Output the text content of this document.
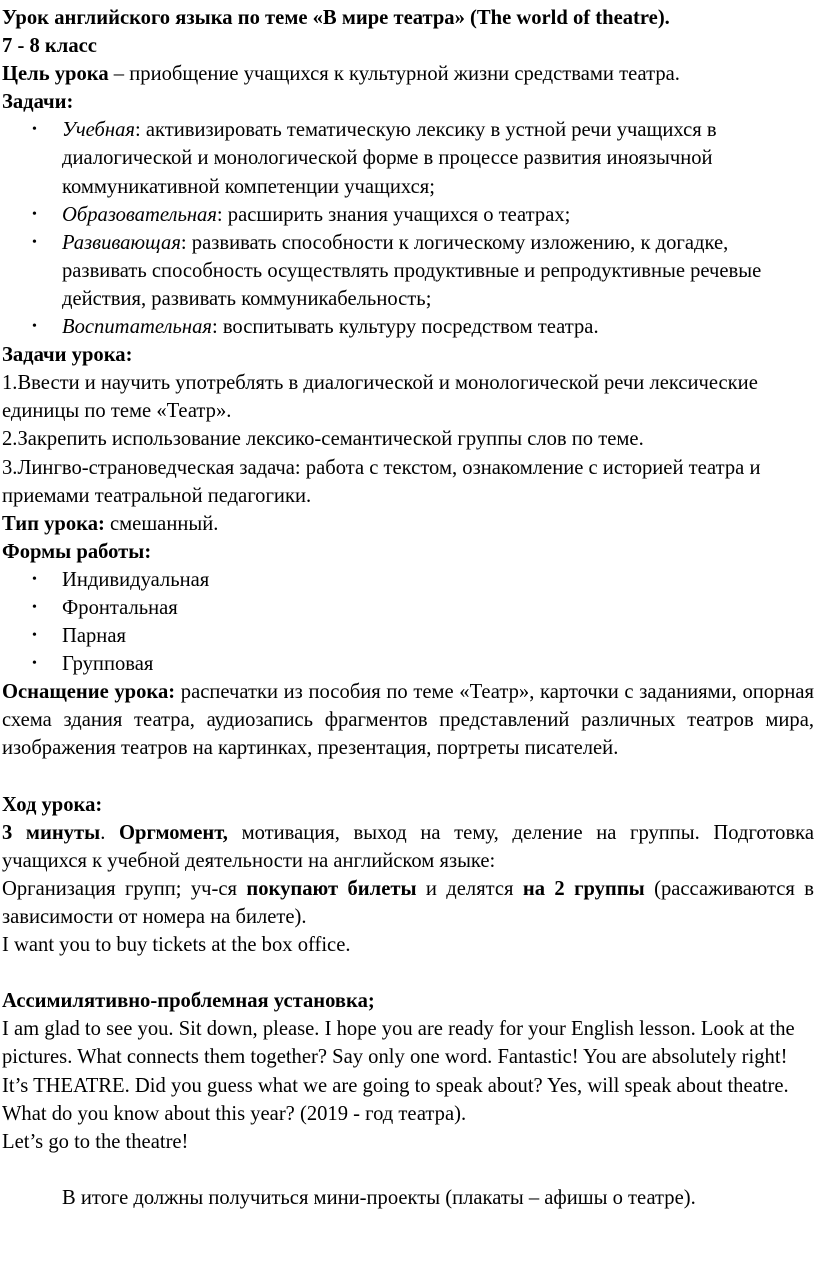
Урок английского языка по теме «В мире театра» (The world of theatre).

7 - 8 класс

Цель урока – приобщение учащихся к культурной жизни средствами театра.

Задачи:

• Учебная: активизировать тематическую лексику в устной речи учащихся в диалогической и монологической форме в процессе развития иноязычной коммуникативной компетенции учащихся;
• Образовательная: расширить знания учащихся о театрах;
• Развивающая: развивать способности к логическому изложению, к догадке, развивать способность осуществлять продуктивные и репродуктивные речевые действия, развивать коммуникабельность;
• Воспитательная: воспитывать культуру посредством театра.

Задачи урока:

1.Ввести и научить употреблять в диалогической и монологической речи лексические единицы по теме «Театр».

2.Закрепить использование лексико-семантической группы слов по теме.

3.Лингво-страноведческая задача: работа с текстом, ознакомление с историей театра и приемами театральной педагогики.

Тип урока: смешанный.

Формы работы:

• Индивидуальная
• Фронтальная
• Парная
• Групповая

Оснащение урока: распечатки из пособия по теме «Театр», карточки с заданиями, опорная схема здания театра, аудиозапись фрагментов представлений различных театров мира, изображения театров на картинках, презентация, портреты писателей.

Ход урока:

3 минуты. Оргмомент, мотивация, выход на тему, деление на группы. Подготовка учащихся к учебной деятельности на английском языке:

Организация групп; уч-ся покупают билеты и делятся на 2 группы (рассаживаются в зависимости от номера на билете).

I want you to buy tickets at the box office.

Ассимилятивно-проблемная установка;

I am glad to see you. Sit down, please. I hope you are ready for your English lesson. Look at the pictures. What connects them together? Say only one word. Fantastic! You are absolutely right! It’s THEATRE. Did you guess what we are going to speak about? Yes, will speak about theatre.

What do you know about this year? (2019 - год театра).

Let’s go to the theatre!

В итоге должны получиться мини-проекты (плакаты – афишы о театре).
